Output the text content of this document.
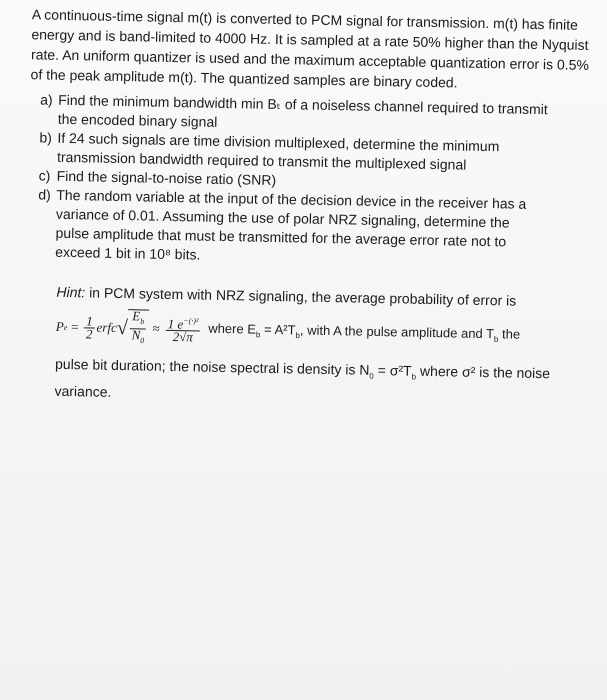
A continuous-time signal m(t) is converted to PCM signal for transmission. m(t) has finite energy and is band-limited to 4000 Hz. It is sampled at a rate 50% higher than the Nyquist rate. An uniform quantizer is used and the maximum acceptable quantization error is 0.5% of the peak amplitude m(t). The quantized samples are binary coded.

a) Find the minimum bandwidth min Bₜ of a noiseless channel required to transmit the encoded binary signal
b) If 24 such signals are time division multiplexed, determine the minimum transmission bandwidth required to transmit the multiplexed signal
c) Find the signal-to-noise ratio (SNR)
d) The random variable at the input of the decision device in the receiver has a variance of 0.01. Assuming the use of polar NRZ signaling, determine the pulse amplitude that must be transmitted for the average error rate not to exceed 1 bit in 10⁸ bits.

Hint: in PCM system with NRZ signaling, the average probability of error is

P $e = \frac{1}{2}$ erfc √ $\frac{E_b}{N_0} \approx \frac{1 e^{-(\cdot)^2}}{2√\pi}$ where $E_b = A^2T_b$, with A the pulse amplitude and $T_b$ the

pulse bit duration; the noise spectral is density is $N_0 = \sigma^2T_b$ where σ² is the noise variance.
